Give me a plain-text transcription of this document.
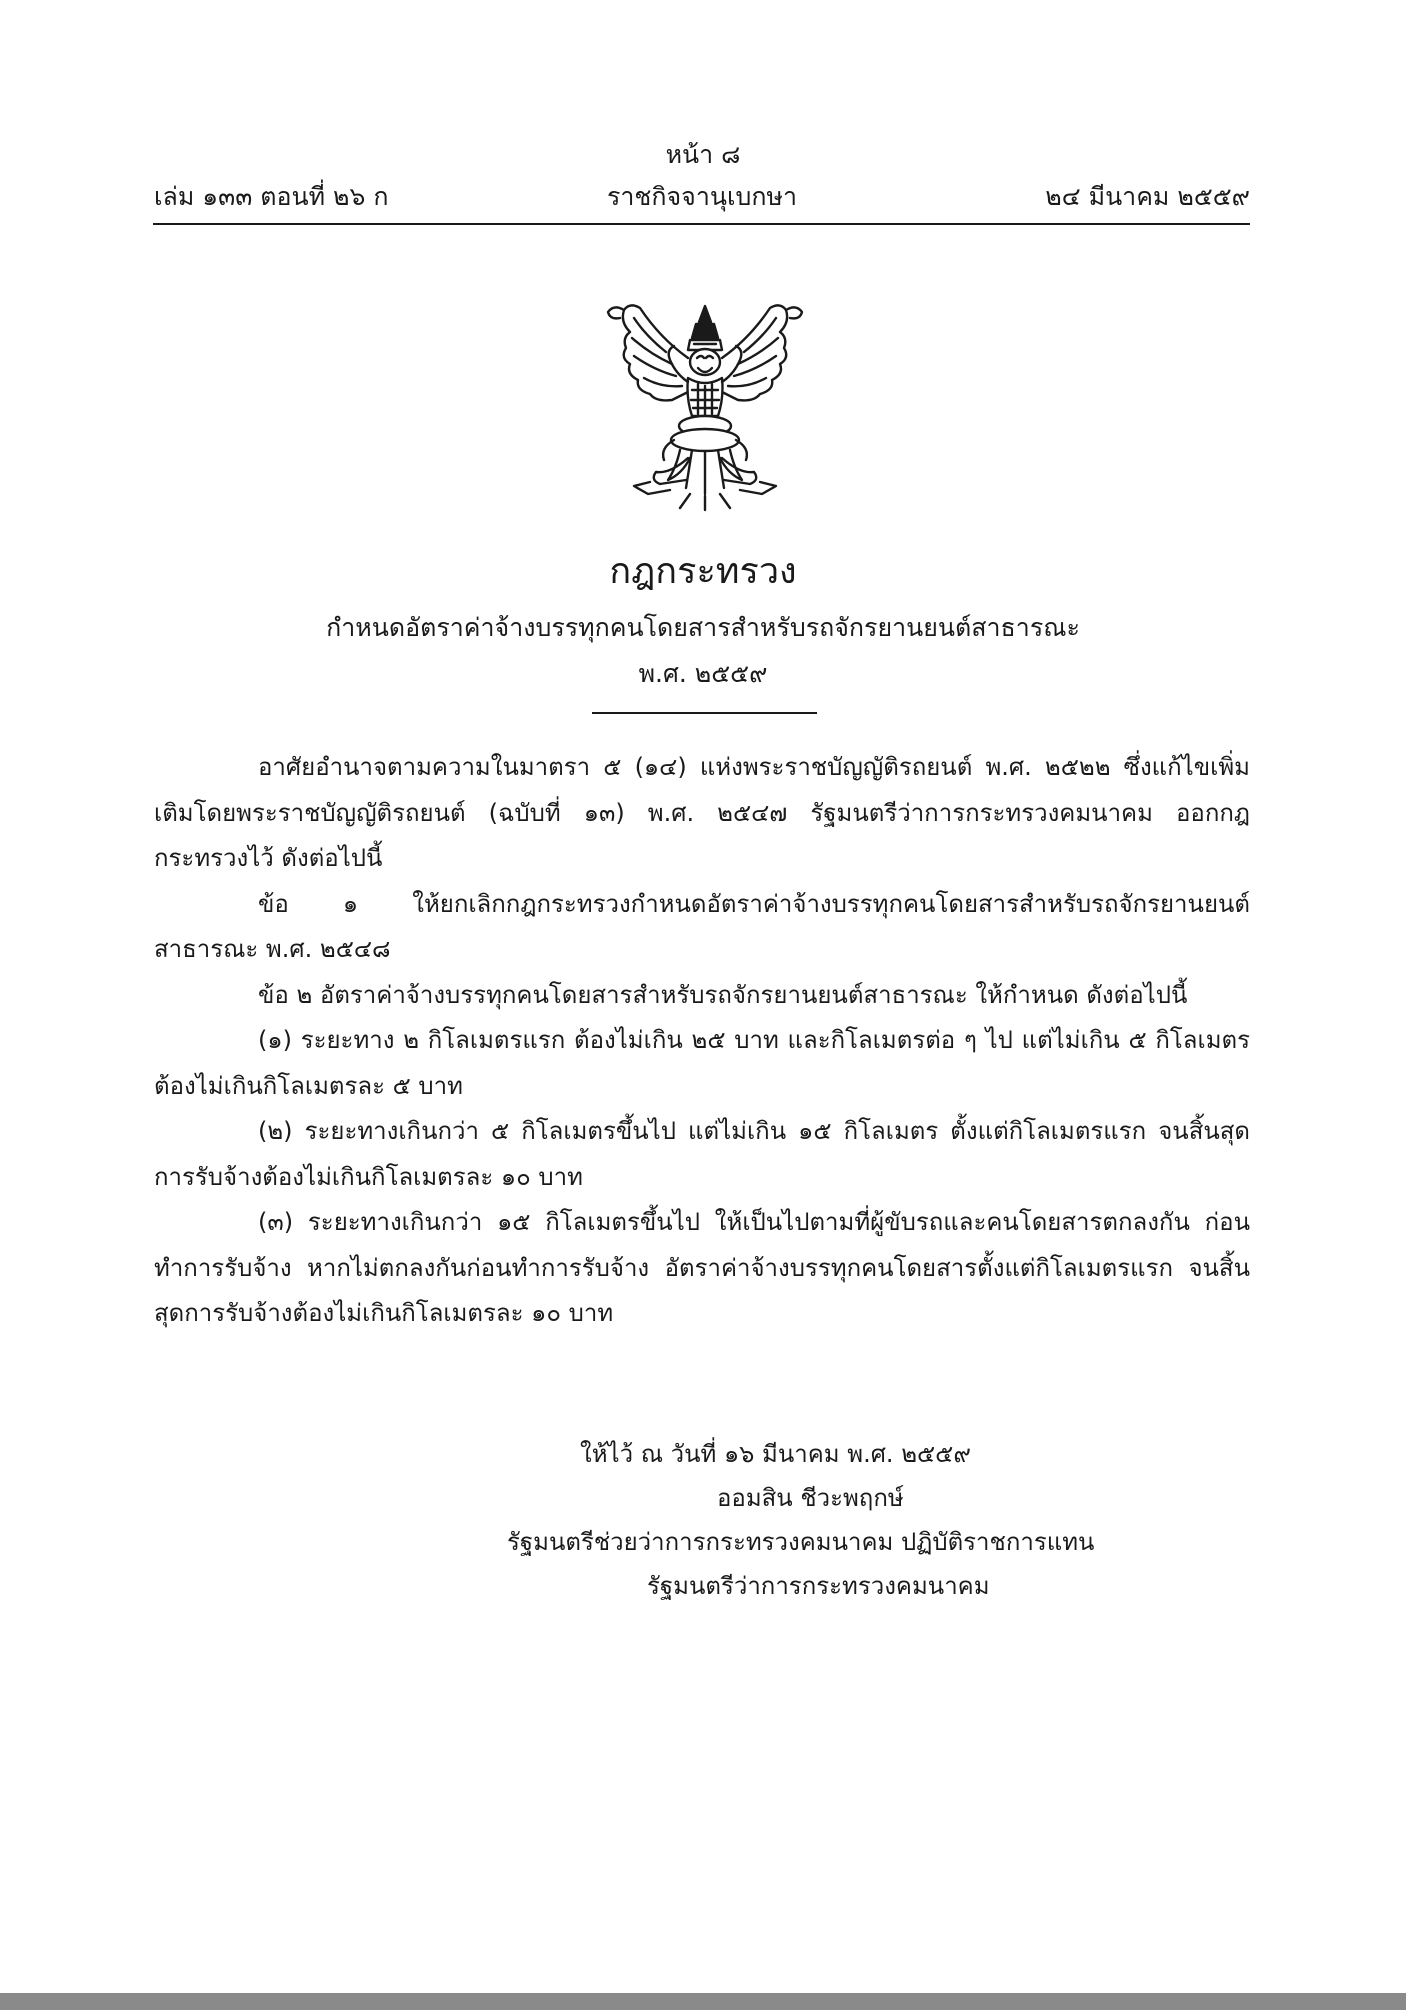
หน้า ๘
ราชกิจจานุเบกษา
เล่ม ๑๓๓ ตอนที่ ๒๖ ก	๒๔ มีนาคม ๒๕๕๙
กฎกระทรวง
กำหนดอัตราค่าจ้างบรรทุกคนโดยสารสำหรับรถจักรยานยนต์สาธารณะ
พ.ศ. ๒๕๕๙

อาศัยอำนาจตามความในมาตรา ๕ (๑๔) แห่งพระราชบัญญัติรถยนต์ พ.ศ. ๒๕๒๒ ซึ่งแก้ไขเพิ่มเติมโดยพระราชบัญญัติรถยนต์ (ฉบับที่ ๑๓) พ.ศ. ๒๕๔๗ รัฐมนตรีว่าการกระทรวงคมนาคม ออกกฎกระทรวงไว้ ดังต่อไปนี้

ข้อ ๑ ให้ยกเลิกกฎกระทรวงกำหนดอัตราค่าจ้างบรรทุกคนโดยสารสำหรับรถจักรยานยนต์สาธารณะ พ.ศ. ๒๕๔๘

ข้อ ๒ อัตราค่าจ้างบรรทุกคนโดยสารสำหรับรถจักรยานยนต์สาธารณะ ให้กำหนด ดังต่อไปนี้

(๑) ระยะทาง ๒ กิโลเมตรแรก ต้องไม่เกิน ๒๕ บาท และกิโลเมตรต่อ ๆ ไป แต่ไม่เกิน ๕ กิโลเมตร ต้องไม่เกินกิโลเมตรละ ๕ บาท

(๒) ระยะทางเกินกว่า ๕ กิโลเมตรขึ้นไป แต่ไม่เกิน ๑๕ กิโลเมตร ตั้งแต่กิโลเมตรแรก จนสิ้นสุดการรับจ้างต้องไม่เกินกิโลเมตรละ ๑๐ บาท

(๓) ระยะทางเกินกว่า ๑๕ กิโลเมตรขึ้นไป ให้เป็นไปตามที่ผู้ขับรถและคนโดยสารตกลงกัน ก่อนทำการรับจ้าง หากไม่ตกลงกันก่อนทำการรับจ้าง อัตราค่าจ้างบรรทุกคนโดยสารตั้งแต่กิโลเมตรแรก จนสิ้นสุดการรับจ้างต้องไม่เกินกิโลเมตรละ ๑๐ บาท

ให้ไว้ ณ วันที่ ๑๖ มีนาคม พ.ศ. ๒๕๕๙
ออมสิน ชีวะพฤกษ์
รัฐมนตรีช่วยว่าการกระทรวงคมนาคม ปฏิบัติราชการแทน
รัฐมนตรีว่าการกระทรวงคมนาคม
